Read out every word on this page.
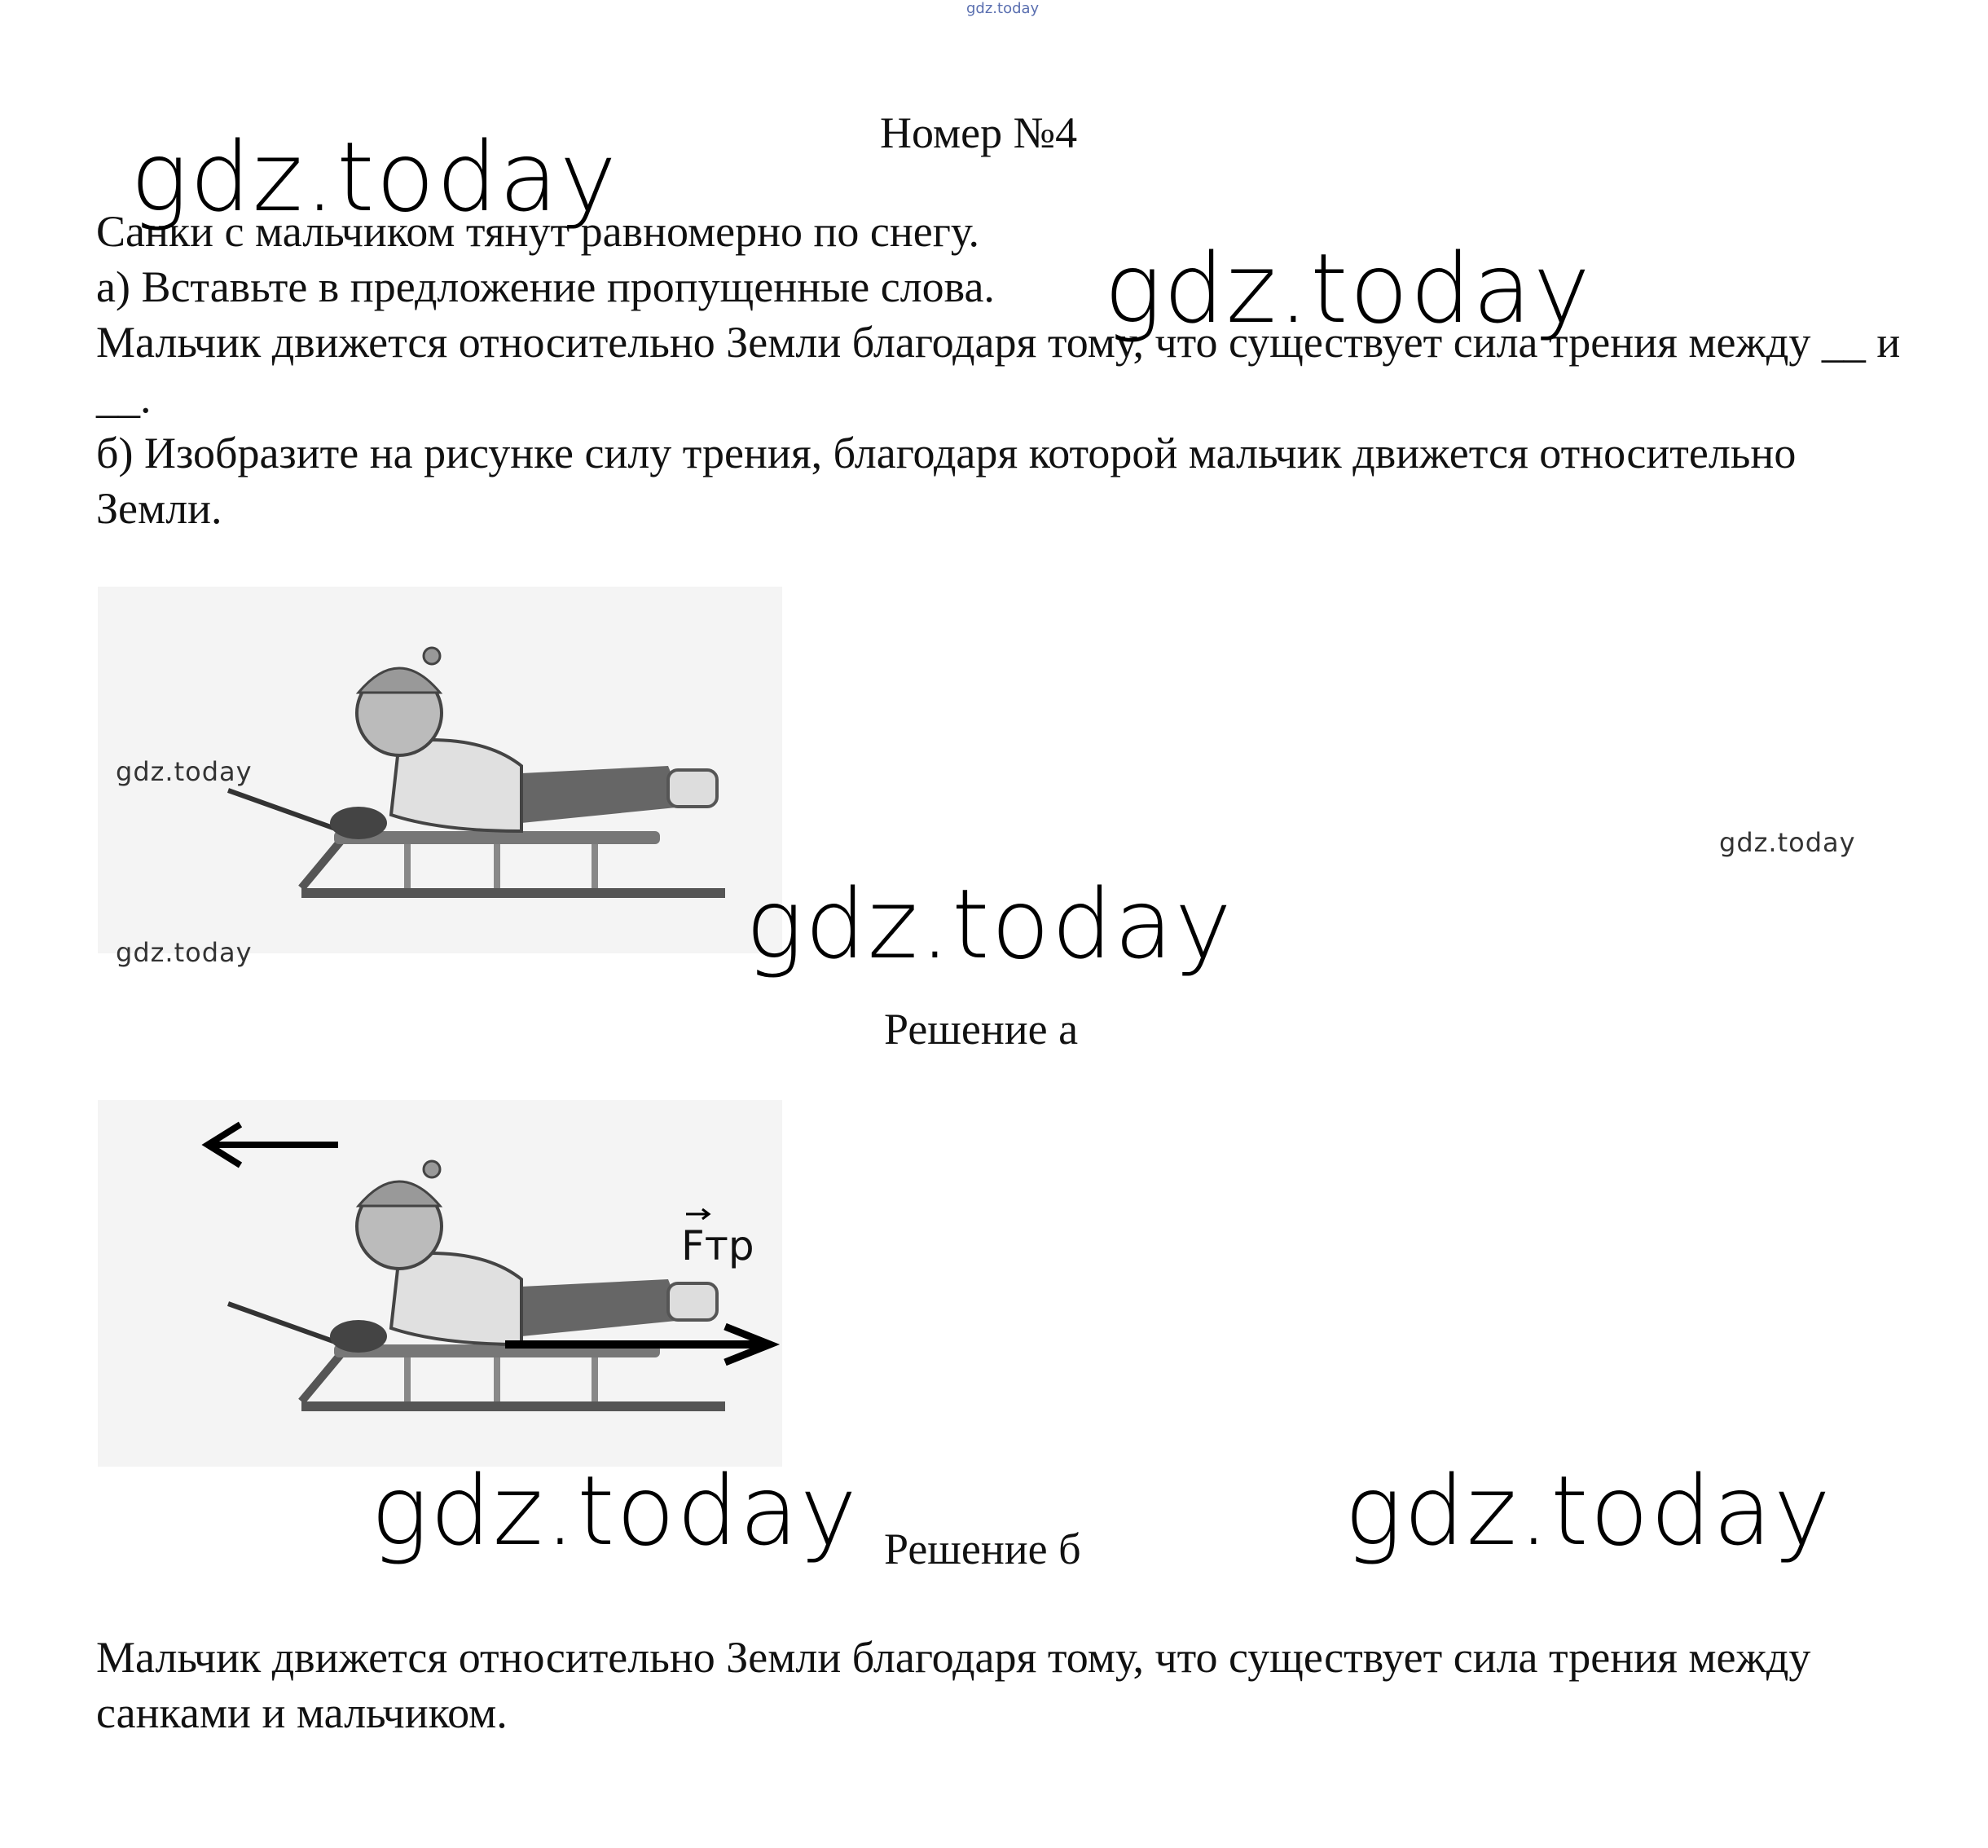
gdz.today
Номер №4
Санки с мальчиком тянут равномерно по снегу.
а) Вставьте в предложение пропущенные слова.
Мальчик движется относительно Земли благодаря тому, что существует сила трения между __ и __.
б) Изобразите на рисунке силу трения, благодаря которой мальчик движется относительно Земли.
Fтр
Решение а
Решение б
Мальчик движется относительно Земли благодаря тому, что существует сила трения между санками и мальчиком.
gdz.today
gdz.today
gdz.today
gdz.today	gdz.today
gdz.today
gdz.today
gdz.today
